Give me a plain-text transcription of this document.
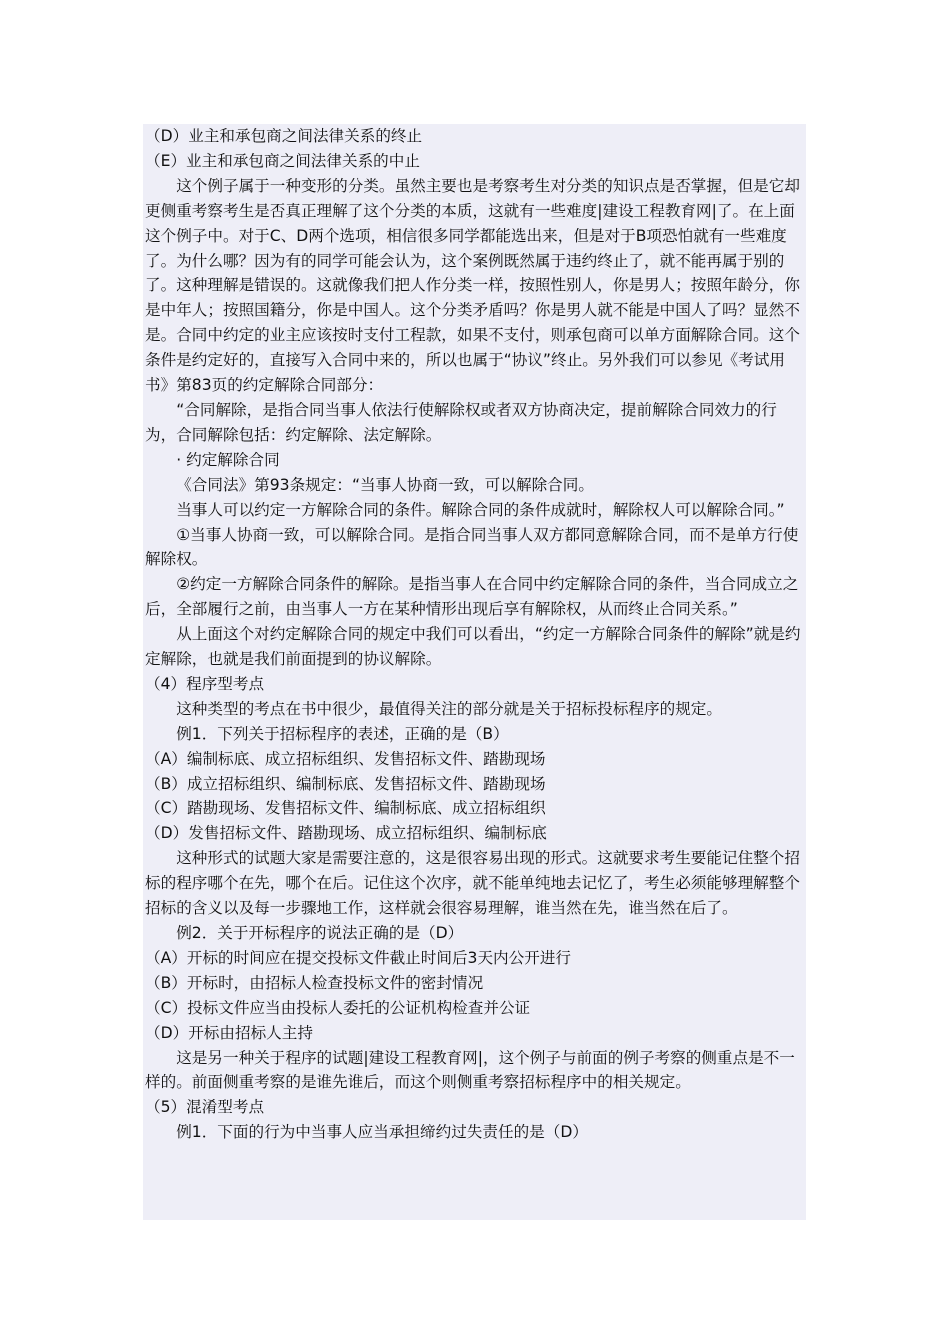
（D）业主和承包商之间法律关系的终止

（E）业主和承包商之间法律关系的中止

这个例子属于一种变形的分类。虽然主要也是考察考生对分类的知识点是否掌握，但是它却更侧重考察考生是否真正理解了这个分类的本质，这就有一些难度|建设工程教育网|了。在上面这个例子中。对于C、D两个选项，相信很多同学都能选出来，但是对于B项恐怕就有一些难度了。为什么哪？因为有的同学可能会认为，这个案例既然属于违约终止了，就不能再属于别的了。这种理解是错误的。这就像我们把人作分类一样，按照性别人，你是男人；按照年龄分，你是中年人；按照国籍分，你是中国人。这个分类矛盾吗？你是男人就不能是中国人了吗？显然不是。合同中约定的业主应该按时支付工程款，如果不支付，则承包商可以单方面解除合同。这个条件是约定好的，直接写入合同中来的，所以也属于“协议”终止。另外我们可以参见《考试用书》第83页的约定解除合同部分：

“合同解除，是指合同当事人依法行使解除权或者双方协商决定，提前解除合同效力的行为，合同解除包括：约定解除、法定解除。

· 约定解除合同

《合同法》第93条规定：“当事人协商一致，可以解除合同。

当事人可以约定一方解除合同的条件。解除合同的条件成就时，解除权人可以解除合同。”

①当事人协商一致，可以解除合同。是指合同当事人双方都同意解除合同，而不是单方行使解除权。

②约定一方解除合同条件的解除。是指当事人在合同中约定解除合同的条件，当合同成立之后，全部履行之前，由当事人一方在某种情形出现后享有解除权，从而终止合同关系。”

从上面这个对约定解除合同的规定中我们可以看出，“约定一方解除合同条件的解除”就是约定解除，也就是我们前面提到的协议解除。

（4）程序型考点

这种类型的考点在书中很少，最值得关注的部分就是关于招标投标程序的规定。

例1．下列关于招标程序的表述，正确的是（B）

（A）编制标底、成立招标组织、发售招标文件、踏勘现场

（B）成立招标组织、编制标底、发售招标文件、踏勘现场

（C）踏勘现场、发售招标文件、编制标底、成立招标组织

（D）发售招标文件、踏勘现场、成立招标组织、编制标底

这种形式的试题大家是需要注意的，这是很容易出现的形式。这就要求考生要能记住整个招标的程序哪个在先，哪个在后。记住这个次序，就不能单纯地去记忆了，考生必须能够理解整个招标的含义以及每一步骤地工作，这样就会很容易理解，谁当然在先，谁当然在后了。

例2．关于开标程序的说法正确的是（D）

（A）开标的时间应在提交投标文件截止时间后3天内公开进行

（B）开标时，由招标人检查投标文件的密封情况

（C）投标文件应当由投标人委托的公证机构检查并公证

（D）开标由招标人主持

这是另一种关于程序的试题|建设工程教育网|，这个例子与前面的例子考察的侧重点是不一样的。前面侧重考察的是谁先谁后，而这个则侧重考察招标程序中的相关规定。

（5）混淆型考点

例1．下面的行为中当事人应当承担缔约过失责任的是（D）
